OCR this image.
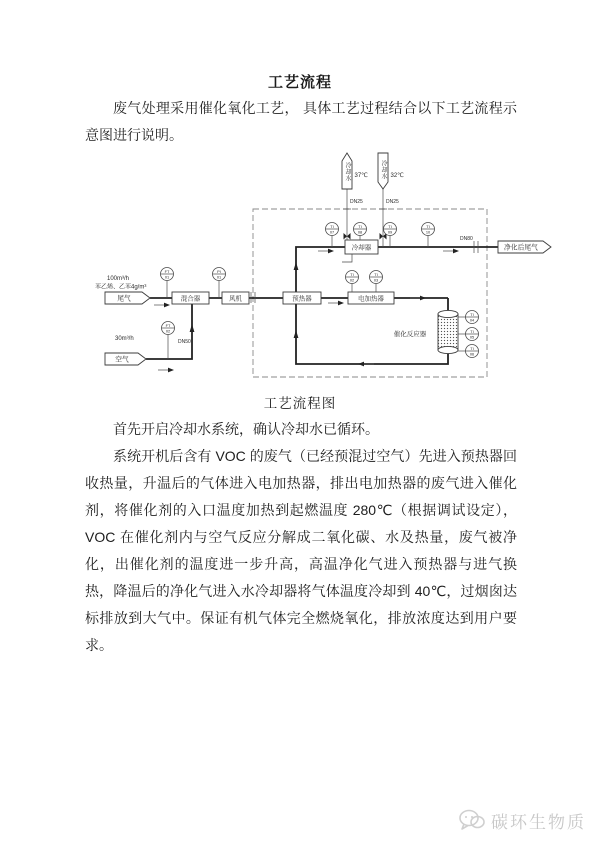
工艺流程

废气处理采用催化氧化工艺， 具体工艺过程结合以下工艺流程示意图进行说明。

冷却水 37℃
DN25
冷却水 32℃
DN25
100m³/h
苯乙烯、乙苯4g/m³
尾气
30m³/h
空气
DN50
DN80
净化后尾气
混合器	风机	预热器	电加热器
冷却器
催化反应器
FT
01
FT
02
PI
01
TI
02
TI
03
TI
04
TI
05
TI
06
TI
07
TI
08
TI
09
TI
10
工艺流程图

首先开启冷却水系统，确认冷却水已循环。

系统开机后含有 VOC 的废气（已经预混过空气）先进入预热器回收热量，升温后的气体进入电加热器，排出电加热器的废气进入催化剂，将催化剂的入口温度加热到起燃温度 280℃（根据调试设定），VOC 在催化剂内与空气反应分解成二氧化碳、水及热量，废气被净化，出催化剂的温度进一步升高，高温净化气进入预热器与进气换热，降温后的净化气进入水冷却器将气体温度冷却到 40℃，过烟囱达标排放到大气中。保证有机气体完全燃烧氧化，排放浓度达到用户要求。

碳环生物质
